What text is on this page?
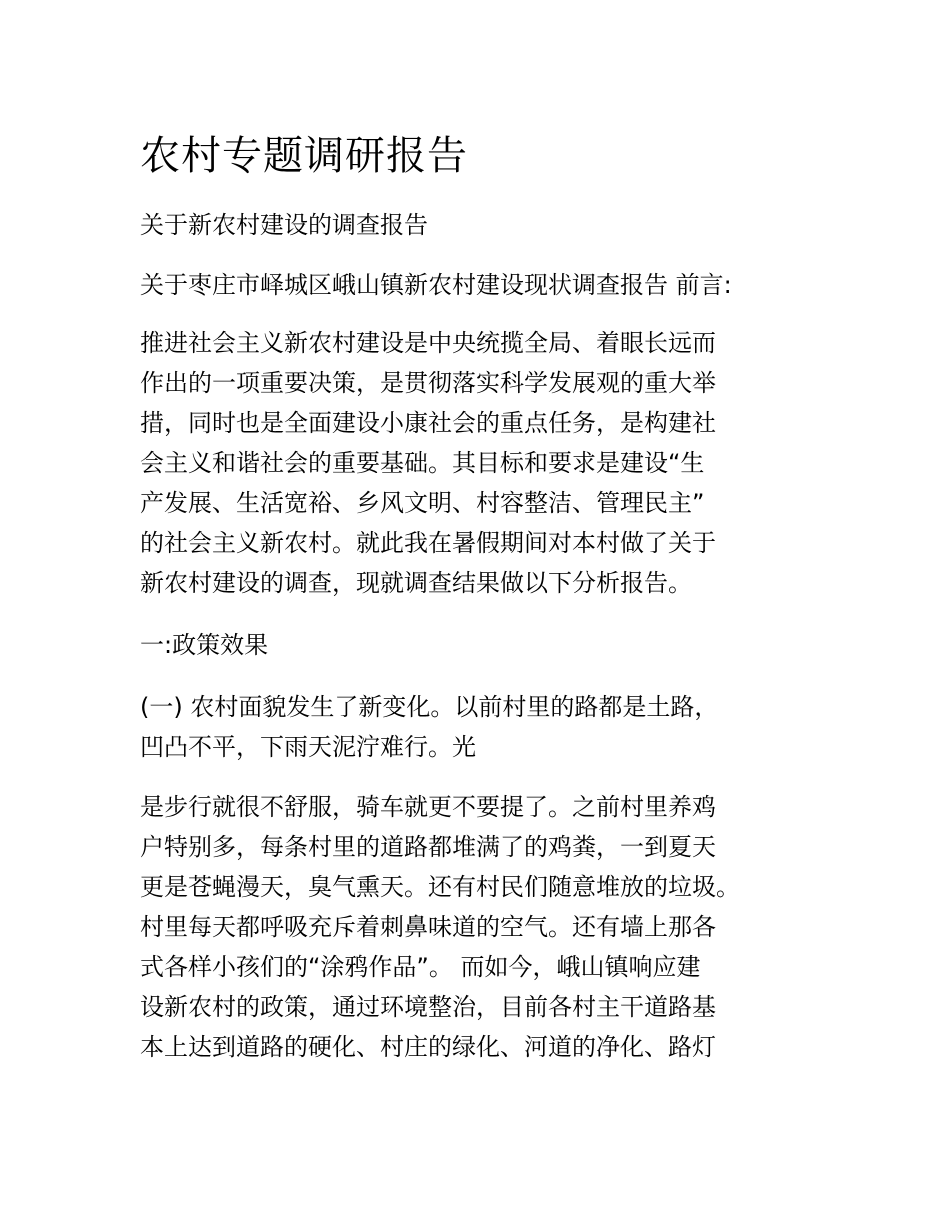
农村专题调研报告

关于新农村建设的调查报告

关于枣庄市峄城区峨山镇新农村建设现状调查报告 前言:

推进社会主义新农村建设是中央统揽全局、着眼长远而
作出的一项重要决策，是贯彻落实科学发展观的重大举
措，同时也是全面建设小康社会的重点任务，是构建社
会主义和谐社会的重要基础。其目标和要求是建设“生
产发展、生活宽裕、乡风文明、村容整洁、管理民主”
的社会主义新农村。就此我在暑假期间对本村做了关于
新农村建设的调查，现就调查结果做以下分析报告。

一:政策效果

(一) 农村面貌发生了新变化。以前村里的路都是土路，
凹凸不平，下雨天泥泞难行。光

是步行就很不舒服，骑车就更不要提了。之前村里养鸡
户特别多，每条村里的道路都堆满了的鸡粪，一到夏天
更是苍蝇漫天，臭气熏天。还有村民们随意堆放的垃圾。
村里每天都呼吸充斥着刺鼻味道的空气。还有墙上那各
式各样小孩们的“涂鸦作品”。 而如今，峨山镇响应建
设新农村的政策，通过环境整治，目前各村主干道路基
本上达到道路的硬化、村庄的绿化、河道的净化、路灯
